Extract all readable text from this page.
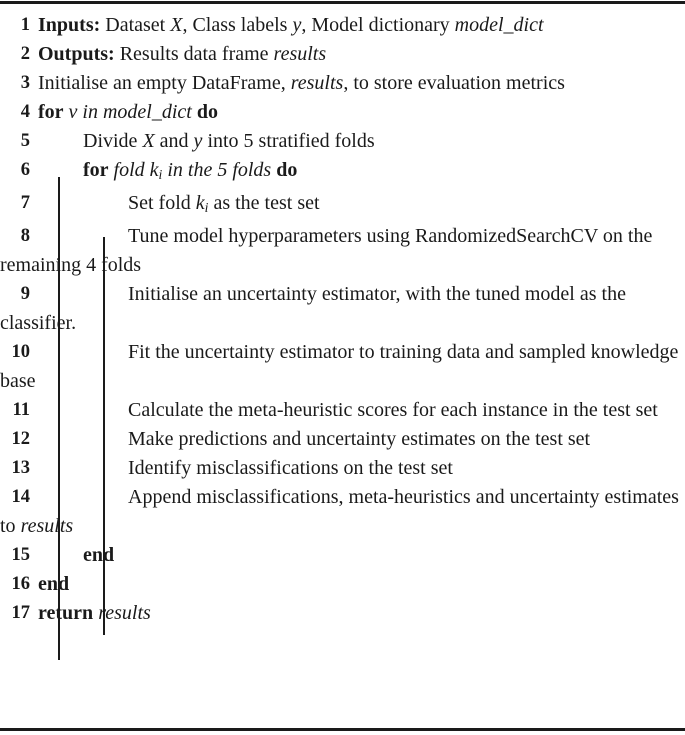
1 Inputs: Dataset X, Class labels y, Model dictionary model_dict
2 Outputs: Results data frame results
3 Initialise an empty DataFrame, results, to store evaluation metrics
4 for v in model_dict do
5	Divide X and y into 5 stratified folds
6	for fold $k_i$ in the 5 folds do
7	Set fold $k_i$ as the test set
8	Tune model hyperparameters using RandomizedSearchCV on the remaining 4 folds
9	Initialise an uncertainty estimator, with the tuned model as the classifier.
10	Fit the uncertainty estimator to training data and sampled knowledge base
11	Calculate the meta-heuristic scores for each instance in the test set
12	Make predictions and uncertainty estimates on the test set
13	Identify misclassifications on the test set
14	Append misclassifications, meta-heuristics and uncertainty estimates to results
15	end
16 end
17 return results
